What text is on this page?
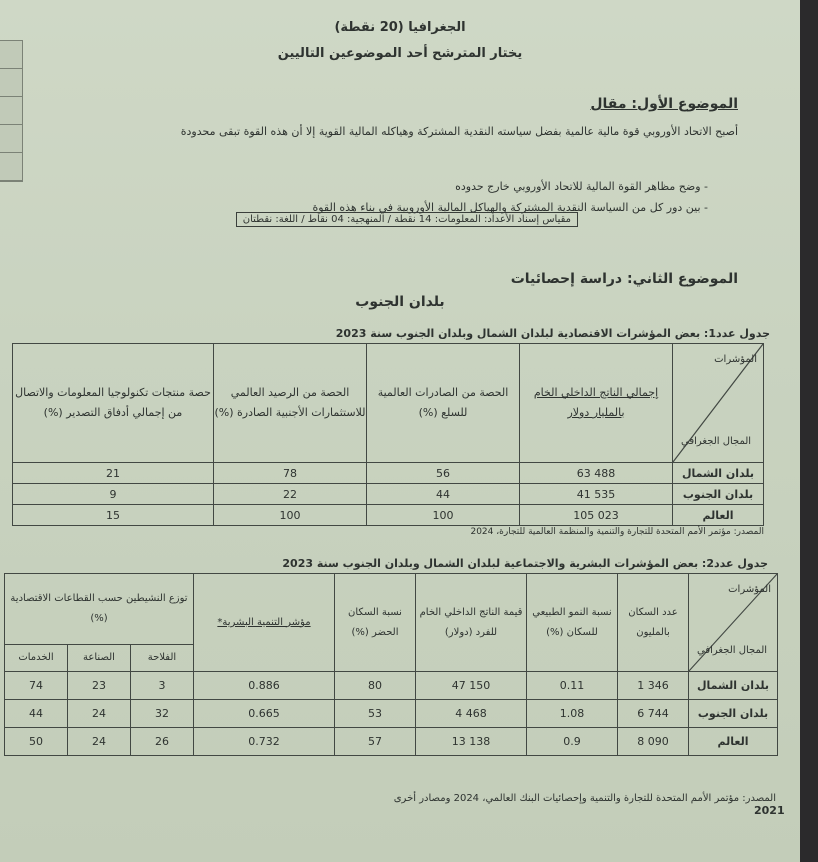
الجغرافيا (20 نقطة)
يختار المترشح أحد الموضوعين التاليين
الموضوع الأول: مقال
أصبح الاتحاد الأوروبي قوة مالية عالمية بفضل سياسته النقدية المشتركة وهياكله المالية القوية إلا أن هذه القوة تبقى محدودة
- وضح مظاهر القوة المالية للاتحاد الأوروبي خارج حدوده
- بين دور كل من السياسة النقدية المشتركة والهياكل المالية الأوروبية في بناء هذه القوة
مقياس إسناد الأعداد: المعلومات: 14 نقطة / المنهجية: 04 نقاط / اللغة: نقطتان
الموضوع الثاني: دراسة إحصائيات
بلدان الجنوب
جدول عدد1: بعض المؤشرات الاقتصادية لبلدان الشمال وبلدان الجنوب سنة 2023
المؤشرات
المجال الجغرافي	إجمالي الناتج الداخلي الخام بالمليار دولار	الحصة من الصادرات العالمية للسلع (%)	الحصة من الرصيد العالمي للاستثمارات الأجنبية الصادرة (%)	حصة منتجات تكنولوجيا المعلومات والاتصال من إجمالي أدفاق التصدير (%)
بلدان الشمال	63 488	56	78	21
بلدان الجنوب	41 535	44	22	9
العالم	105 023	100	100	15
المصدر: مؤتمر الأمم المتحدة للتجارة والتنمية والمنظمة العالمية للتجارة، 2024
جدول عدد2: بعض المؤشرات البشرية والاجتماعية لبلدان الشمال وبلدان الجنوب سنة 2023
المؤشرات
المجال الجغرافي	عدد السكان بالمليون	نسبة النمو الطبيعي للسكان (%)	قيمة الناتج الداخلي الخام للفرد (دولار)	نسبة السكان الحضر (%)	مؤشر التنمية البشرية*	توزع النشيطين حسب القطاعات الاقتصادية (%)		
						الفلاحة	الصناعة	الخدمات
بلدان الشمال	1 346	0.11	47 150	80	0.886	3	23	74
بلدان الجنوب	6 744	1.08	4 468	53	0.665	32	24	44
العالم	8 090	0.9	13 138	57	0.732	26	24	50
المصدر: مؤتمر الأمم المتحدة للتجارة والتنمية وإحصائيات البنك العالمي، 2024 ومصادر أخرى
2021
